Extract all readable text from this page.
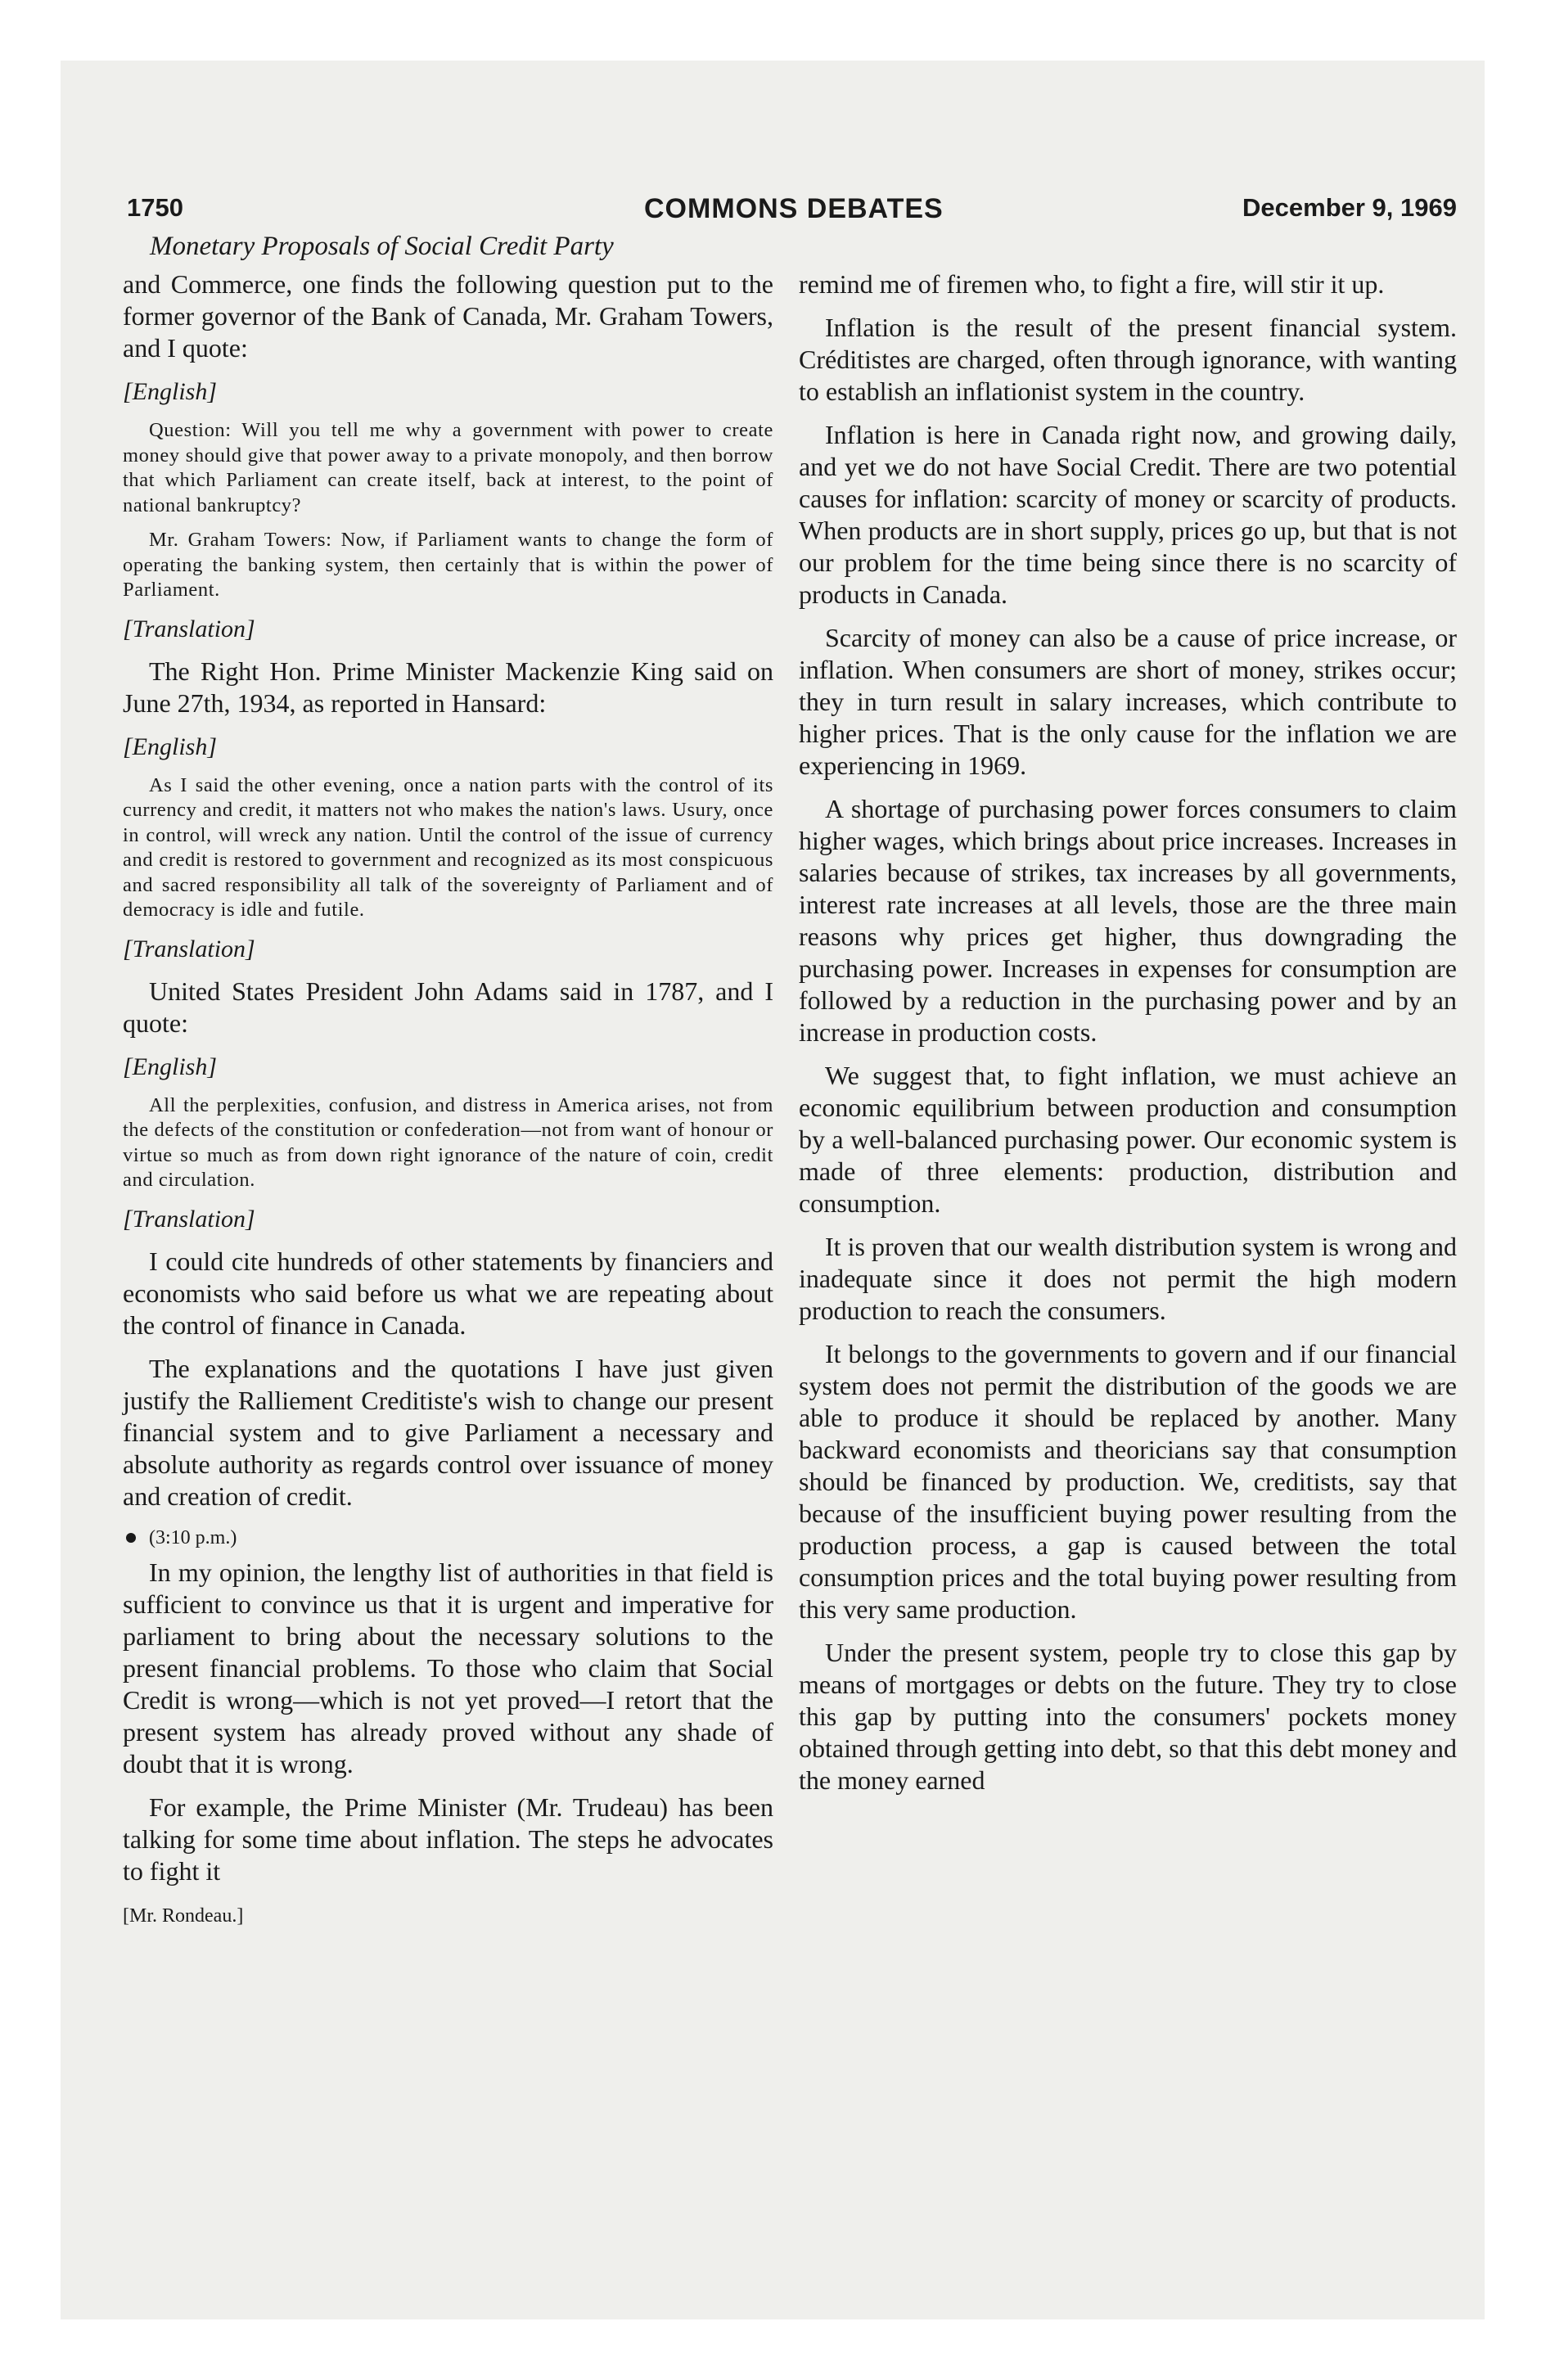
1750	COMMONS DEBATES	December 9, 1969
Monetary Proposals of Social Credit Party

and Commerce, one finds the following question put to the former governor of the Bank of Canada, Mr. Graham Towers, and I quote:

[English]

Question: Will you tell me why a government with power to create money should give that power away to a private monopoly, and then borrow that which Parliament can create itself, back at interest, to the point of national bankruptcy?

Mr. Graham Towers: Now, if Parliament wants to change the form of operating the banking system, then certainly that is within the power of Parliament.

[Translation]

The Right Hon. Prime Minister Mackenzie King said on June 27th, 1934, as reported in Hansard:

[English]

As I said the other evening, once a nation parts with the control of its currency and credit, it matters not who makes the nation's laws. Usury, once in control, will wreck any nation. Until the control of the issue of currency and credit is restored to government and recognized as its most conspicuous and sacred responsibility all talk of the sovereignty of Parliament and of democracy is idle and futile.

[Translation]

United States President John Adams said in 1787, and I quote:

[English]

All the perplexities, confusion, and distress in America arises, not from the defects of the constitution or confederation—not from want of honour or virtue so much as from down right ignorance of the nature of coin, credit and circulation.

[Translation]

I could cite hundreds of other statements by financiers and economists who said before us what we are repeating about the control of finance in Canada.

The explanations and the quotations I have just given justify the Ralliement Creditiste's wish to change our present financial system and to give Parliament a necessary and absolute authority as regards control over issuance of money and creation of credit.

(3:10 p.m.)

In my opinion, the lengthy list of authorities in that field is sufficient to convince us that it is urgent and imperative for parliament to bring about the necessary solutions to the present financial problems. To those who claim that Social Credit is wrong—which is not yet proved—I retort that the present system has already proved without any shade of doubt that it is wrong.

For example, the Prime Minister (Mr. Trudeau) has been talking for some time about inflation. The steps he advocates to fight it

[Mr. Rondeau.]

remind me of firemen who, to fight a fire, will stir it up.

Inflation is the result of the present financial system. Créditistes are charged, often through ignorance, with wanting to establish an inflationist system in the country.

Inflation is here in Canada right now, and growing daily, and yet we do not have Social Credit. There are two potential causes for inflation: scarcity of money or scarcity of products. When products are in short supply, prices go up, but that is not our problem for the time being since there is no scarcity of products in Canada.

Scarcity of money can also be a cause of price increase, or inflation. When consumers are short of money, strikes occur; they in turn result in salary increases, which contribute to higher prices. That is the only cause for the inflation we are experiencing in 1969.

A shortage of purchasing power forces consumers to claim higher wages, which brings about price increases. Increases in salaries because of strikes, tax increases by all governments, interest rate increases at all levels, those are the three main reasons why prices get higher, thus downgrading the purchasing power. Increases in expenses for consumption are followed by a reduction in the purchasing power and by an increase in production costs.

We suggest that, to fight inflation, we must achieve an economic equilibrium between production and consumption by a well-balanced purchasing power. Our economic system is made of three elements: production, distribution and consumption.

It is proven that our wealth distribution system is wrong and inadequate since it does not permit the high modern production to reach the consumers.

It belongs to the governments to govern and if our financial system does not permit the distribution of the goods we are able to produce it should be replaced by another. Many backward economists and theoricians say that consumption should be financed by production. We, creditists, say that because of the insufficient buying power resulting from the production process, a gap is caused between the total consumption prices and the total buying power resulting from this very same production.

Under the present system, people try to close this gap by means of mortgages or debts on the future. They try to close this gap by putting into the consumers' pockets money obtained through getting into debt, so that this debt money and the money earned
